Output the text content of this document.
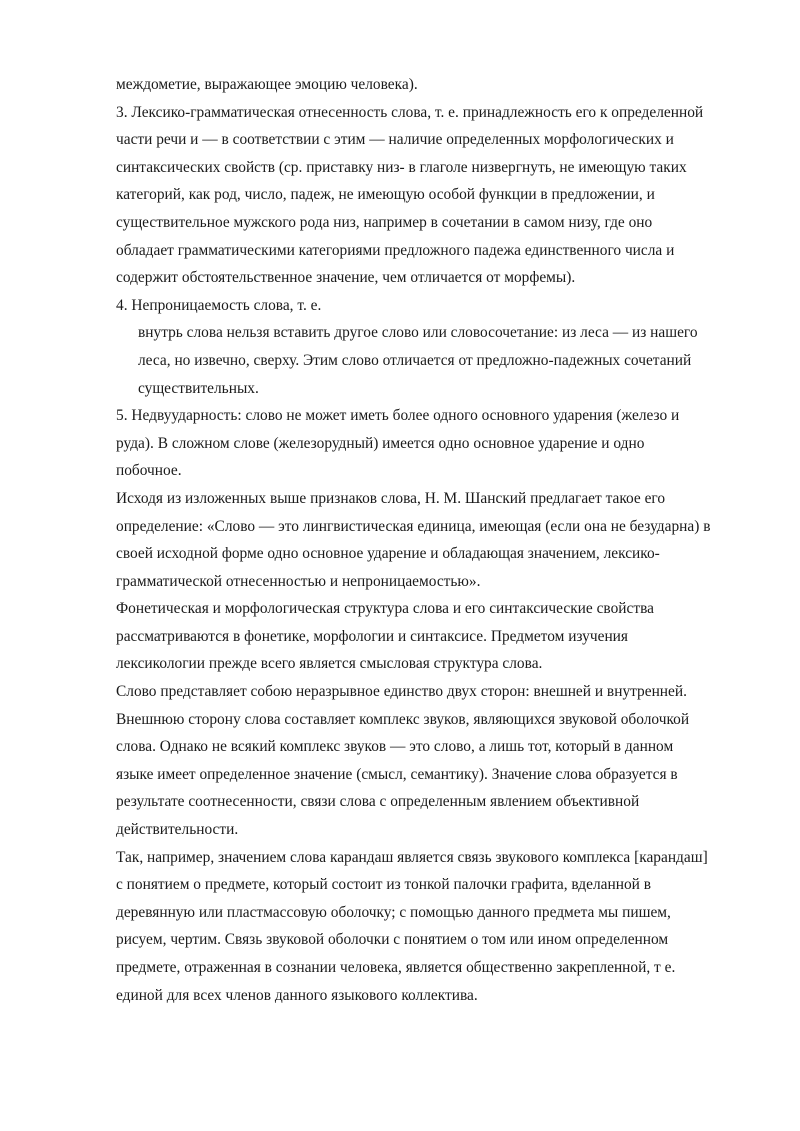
междометие, выражающее эмоцию человека).
3. Лексико-грамматическая отнесенность слова, т. е. принадлежность его к определенной
части речи и — в соответствии с этим — наличие определенных морфологических и
синтаксических свойств (ср. приставку низ- в глаголе низвергнуть, не имеющую таких
категорий, как род, число, падеж, не имеющую особой функции в предложении, и
существительное мужского рода низ, например в сочетании в самом низу, где оно
обладает грамматическими категориями предложного падежа единственного числа и
содержит обстоятельственное значение, чем отличается от морфемы).
4. Непроницаемость слова, т. е.
внутрь слова нельзя вставить другое слово или словосочетание: из леса — из нашего
леса, но извечно, сверху. Этим слово отличается от предложно-падежных сочетаний
существительных.
5. Недвуударность: слово не может иметь более одного основного ударения (железо и
руда). В сложном слове (железорудный) имеется одно основное ударение и одно
побочное.
Исходя из изложенных выше признаков слова, Н. М. Шанский предлагает такое его
определение: «Слово — это лингвистическая единица, имеющая (если она не безударна) в
своей исходной форме одно основное ударение и обладающая значением, лексико-
грамматической отнесенностью и непроницаемостью».
Фонетическая и морфологическая структура слова и его синтаксические свойства
рассматриваются в фонетике, морфологии и синтаксисе. Предметом изучения
лексикологии прежде всего является смысловая структура слова.
Слово представляет собою неразрывное единство двух сторон: внешней и внутренней.
Внешнюю сторону слова составляет комплекс звуков, являющихся звуковой оболочкой
слова. Однако не всякий комплекс звуков — это слово, а лишь тот, который в данном
языке имеет определенное значение (смысл, семантику). Значение слова образуется в
результате соотнесенности, связи слова с определенным явлением объективной
действительности.
Так, например, значением слова карандаш является связь звукового комплекса [карандаш]
с понятием о предмете, который состоит из тонкой палочки графита, вделанной в
деревянную или пластмассовую оболочку; с помощью данного предмета мы пишем,
рисуем, чертим. Связь звуковой оболочки с понятием о том или ином определенном
предмете, отраженная в сознании человека, является общественно закрепленной, т е.
единой для всех членов данного языкового коллектива.
